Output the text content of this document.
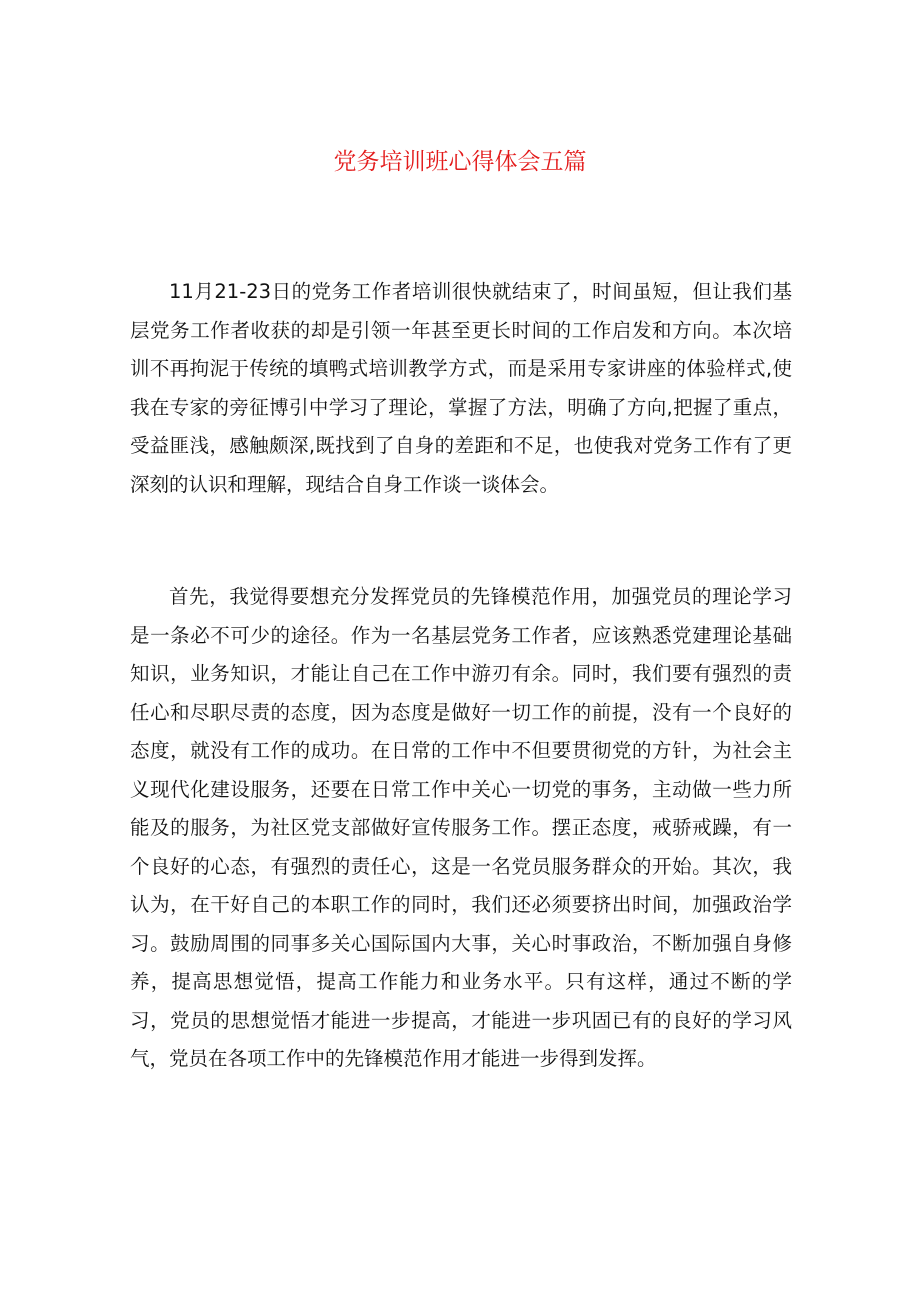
党务培训班心得体会五篇

11月21-23日的党务工作者培训很快就结束了，时间虽短，但让我们基层党务工作者收获的却是引领一年甚至更长时间的工作启发和方向。本次培训不再拘泥于传统的填鸭式培训教学方式，而是采用专家讲座的体验样式,使我在专家的旁征博引中学习了理论，掌握了方法，明确了方向,把握了重点，受益匪浅，感触颇深,既找到了自身的差距和不足，也使我对党务工作有了更深刻的认识和理解，现结合自身工作谈一谈体会。

首先，我觉得要想充分发挥党员的先锋模范作用，加强党员的理论学习是一条必不可少的途径。作为一名基层党务工作者，应该熟悉党建理论基础知识，业务知识，才能让自己在工作中游刃有余。同时，我们要有强烈的责任心和尽职尽责的态度，因为态度是做好一切工作的前提，没有一个良好的态度，就没有工作的成功。在日常的工作中不但要贯彻党的方针，为社会主义现代化建设服务，还要在日常工作中关心一切党的事务，主动做一些力所能及的服务，为社区党支部做好宣传服务工作。摆正态度，戒骄戒躁，有一个良好的心态，有强烈的责任心，这是一名党员服务群众的开始。其次，我认为，在干好自己的本职工作的同时，我们还必须要挤出时间，加强政治学习。鼓励周围的同事多关心国际国内大事，关心时事政治，不断加强自身修养，提高思想觉悟，提高工作能力和业务水平。只有这样，通过不断的学习，党员的思想觉悟才能进一步提高，才能进一步巩固已有的良好的学习风气，党员在各项工作中的先锋模范作用才能进一步得到发挥。
